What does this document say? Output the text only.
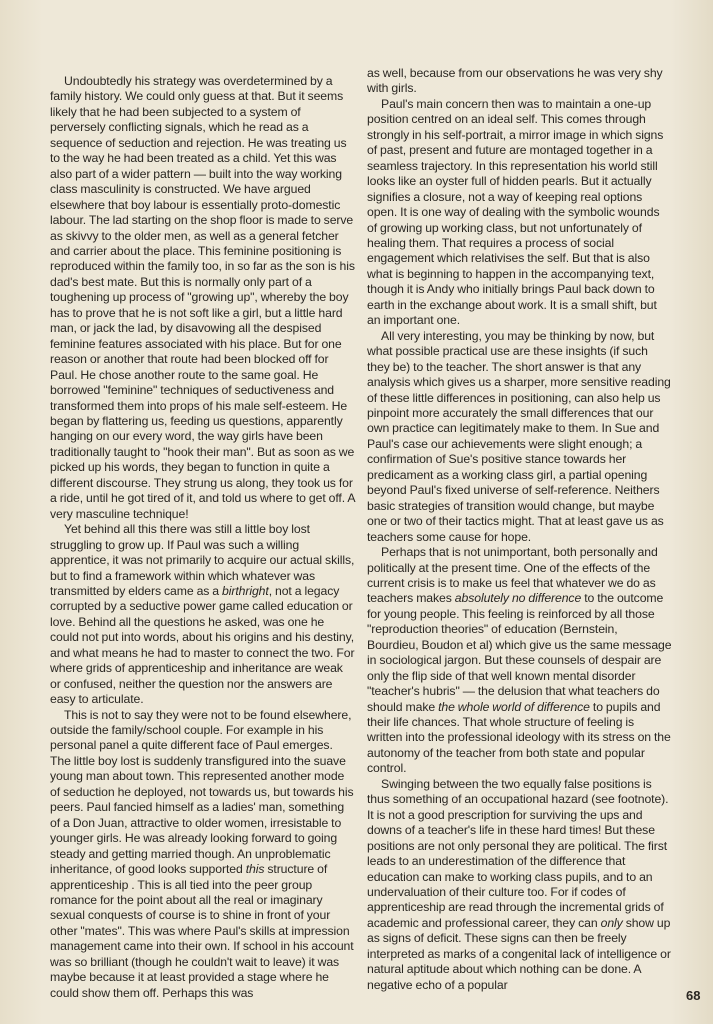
Undoubtedly his strategy was overdetermined by a family history. We could only guess at that. But it seems likely that he had been subjected to a system of perversely conflicting signals, which he read as a sequence of seduction and rejection. He was treating us to the way he had been treated as a child. Yet this was also part of a wider pattern — built into the way working class masculinity is constructed. We have argued elsewhere that boy labour is essentially proto-domestic labour. The lad starting on the shop floor is made to serve as skivvy to the older men, as well as a general fetcher and carrier about the place. This feminine positioning is reproduced within the family too, in so far as the son is his dad's best mate. But this is normally only part of a toughening up process of "growing up", whereby the boy has to prove that he is not soft like a girl, but a little hard man, or jack the lad, by disavowing all the despised feminine features associated with his place. But for one reason or another that route had been blocked off for Paul. He chose another route to the same goal. He borrowed "feminine" techniques of seductiveness and transformed them into props of his male self-esteem. He began by flattering us, feeding us questions, apparently hanging on our every word, the way girls have been traditionally taught to "hook their man". But as soon as we picked up his words, they began to function in quite a different discourse. They strung us along, they took us for a ride, until he got tired of it, and told us where to get off. A very masculine technique!

Yet behind all this there was still a little boy lost struggling to grow up. If Paul was such a willing apprentice, it was not primarily to acquire our actual skills, but to find a framework within which whatever was transmitted by elders came as a birthright, not a legacy corrupted by a seductive power game called education or love. Behind all the questions he asked, was one he could not put into words, about his origins and his destiny, and what means he had to master to connect the two. For where grids of apprenticeship and inheritance are weak or confused, neither the question nor the answers are easy to articulate.

This is not to say they were not to be found elsewhere, outside the family/school couple. For example in his personal panel a quite different face of Paul emerges. The little boy lost is suddenly transfigured into the suave young man about town. This represented another mode of seduction he deployed, not towards us, but towards his peers. Paul fancied himself as a ladies' man, something of a Don Juan, attractive to older women, irresistable to younger girls. He was already looking forward to going steady and getting married though. An unproblematic inheritance, of good looks supported this structure of apprenticeship . This is all tied into the peer group romance for the point about all the real or imaginary sexual conquests of course is to shine in front of your other "mates". This was where Paul's skills at impression management came into their own. If school in his account was so brilliant (though he couldn't wait to leave) it was maybe because it at least provided a stage where he could show them off. Perhaps this was

as well, because from our observations he was very shy with girls.

Paul's main concern then was to maintain a one-up position centred on an ideal self. This comes through strongly in his self-portrait, a mirror image in which signs of past, present and future are montaged together in a seamless trajectory. In this representation his world still looks like an oyster full of hidden pearls. But it actually signifies a closure, not a way of keeping real options open. It is one way of dealing with the symbolic wounds of growing up working class, but not unfortunately of healing them. That requires a process of social engagement which relativises the self. But that is also what is beginning to happen in the accompanying text, though it is Andy who initially brings Paul back down to earth in the exchange about work. It is a small shift, but an important one.

All very interesting, you may be thinking by now, but what possible practical use are these insights (if such they be) to the teacher. The short answer is that any analysis which gives us a sharper, more sensitive reading of these little differences in positioning, can also help us pinpoint more accurately the small differences that our own practice can legitimately make to them. In Sue and Paul's case our achievements were slight enough; a confirmation of Sue's positive stance towards her predicament as a working class girl, a partial opening beyond Paul's fixed universe of self-reference. Neithers basic strategies of transition would change, but maybe one or two of their tactics might. That at least gave us as teachers some cause for hope.

Perhaps that is not unimportant, both personally and politically at the present time. One of the effects of the current crisis is to make us feel that whatever we do as teachers makes absolutely no difference to the outcome for young people. This feeling is reinforced by all those "reproduction theories" of education (Bernstein, Bourdieu, Boudon et al) which give us the same message in sociological jargon. But these counsels of despair are only the flip side of that well known mental disorder "teacher's hubris" — the delusion that what teachers do should make the whole world of difference to pupils and their life chances. That whole structure of feeling is written into the professional ideology with its stress on the autonomy of the teacher from both state and popular control.

Swinging between the two equally false positions is thus something of an occupational hazard (see footnote). It is not a good prescription for surviving the ups and downs of a teacher's life in these hard times! But these positions are not only personal they are political. The first leads to an underestimation of the difference that education can make to working class pupils, and to an undervaluation of their culture too. For if codes of apprenticeship are read through the incremental grids of academic and professional career, they can only show up as signs of deficit. These signs can then be freely interpreted as marks of a congenital lack of intelligence or natural aptitude about which nothing can be done. A negative echo of a popular

68
